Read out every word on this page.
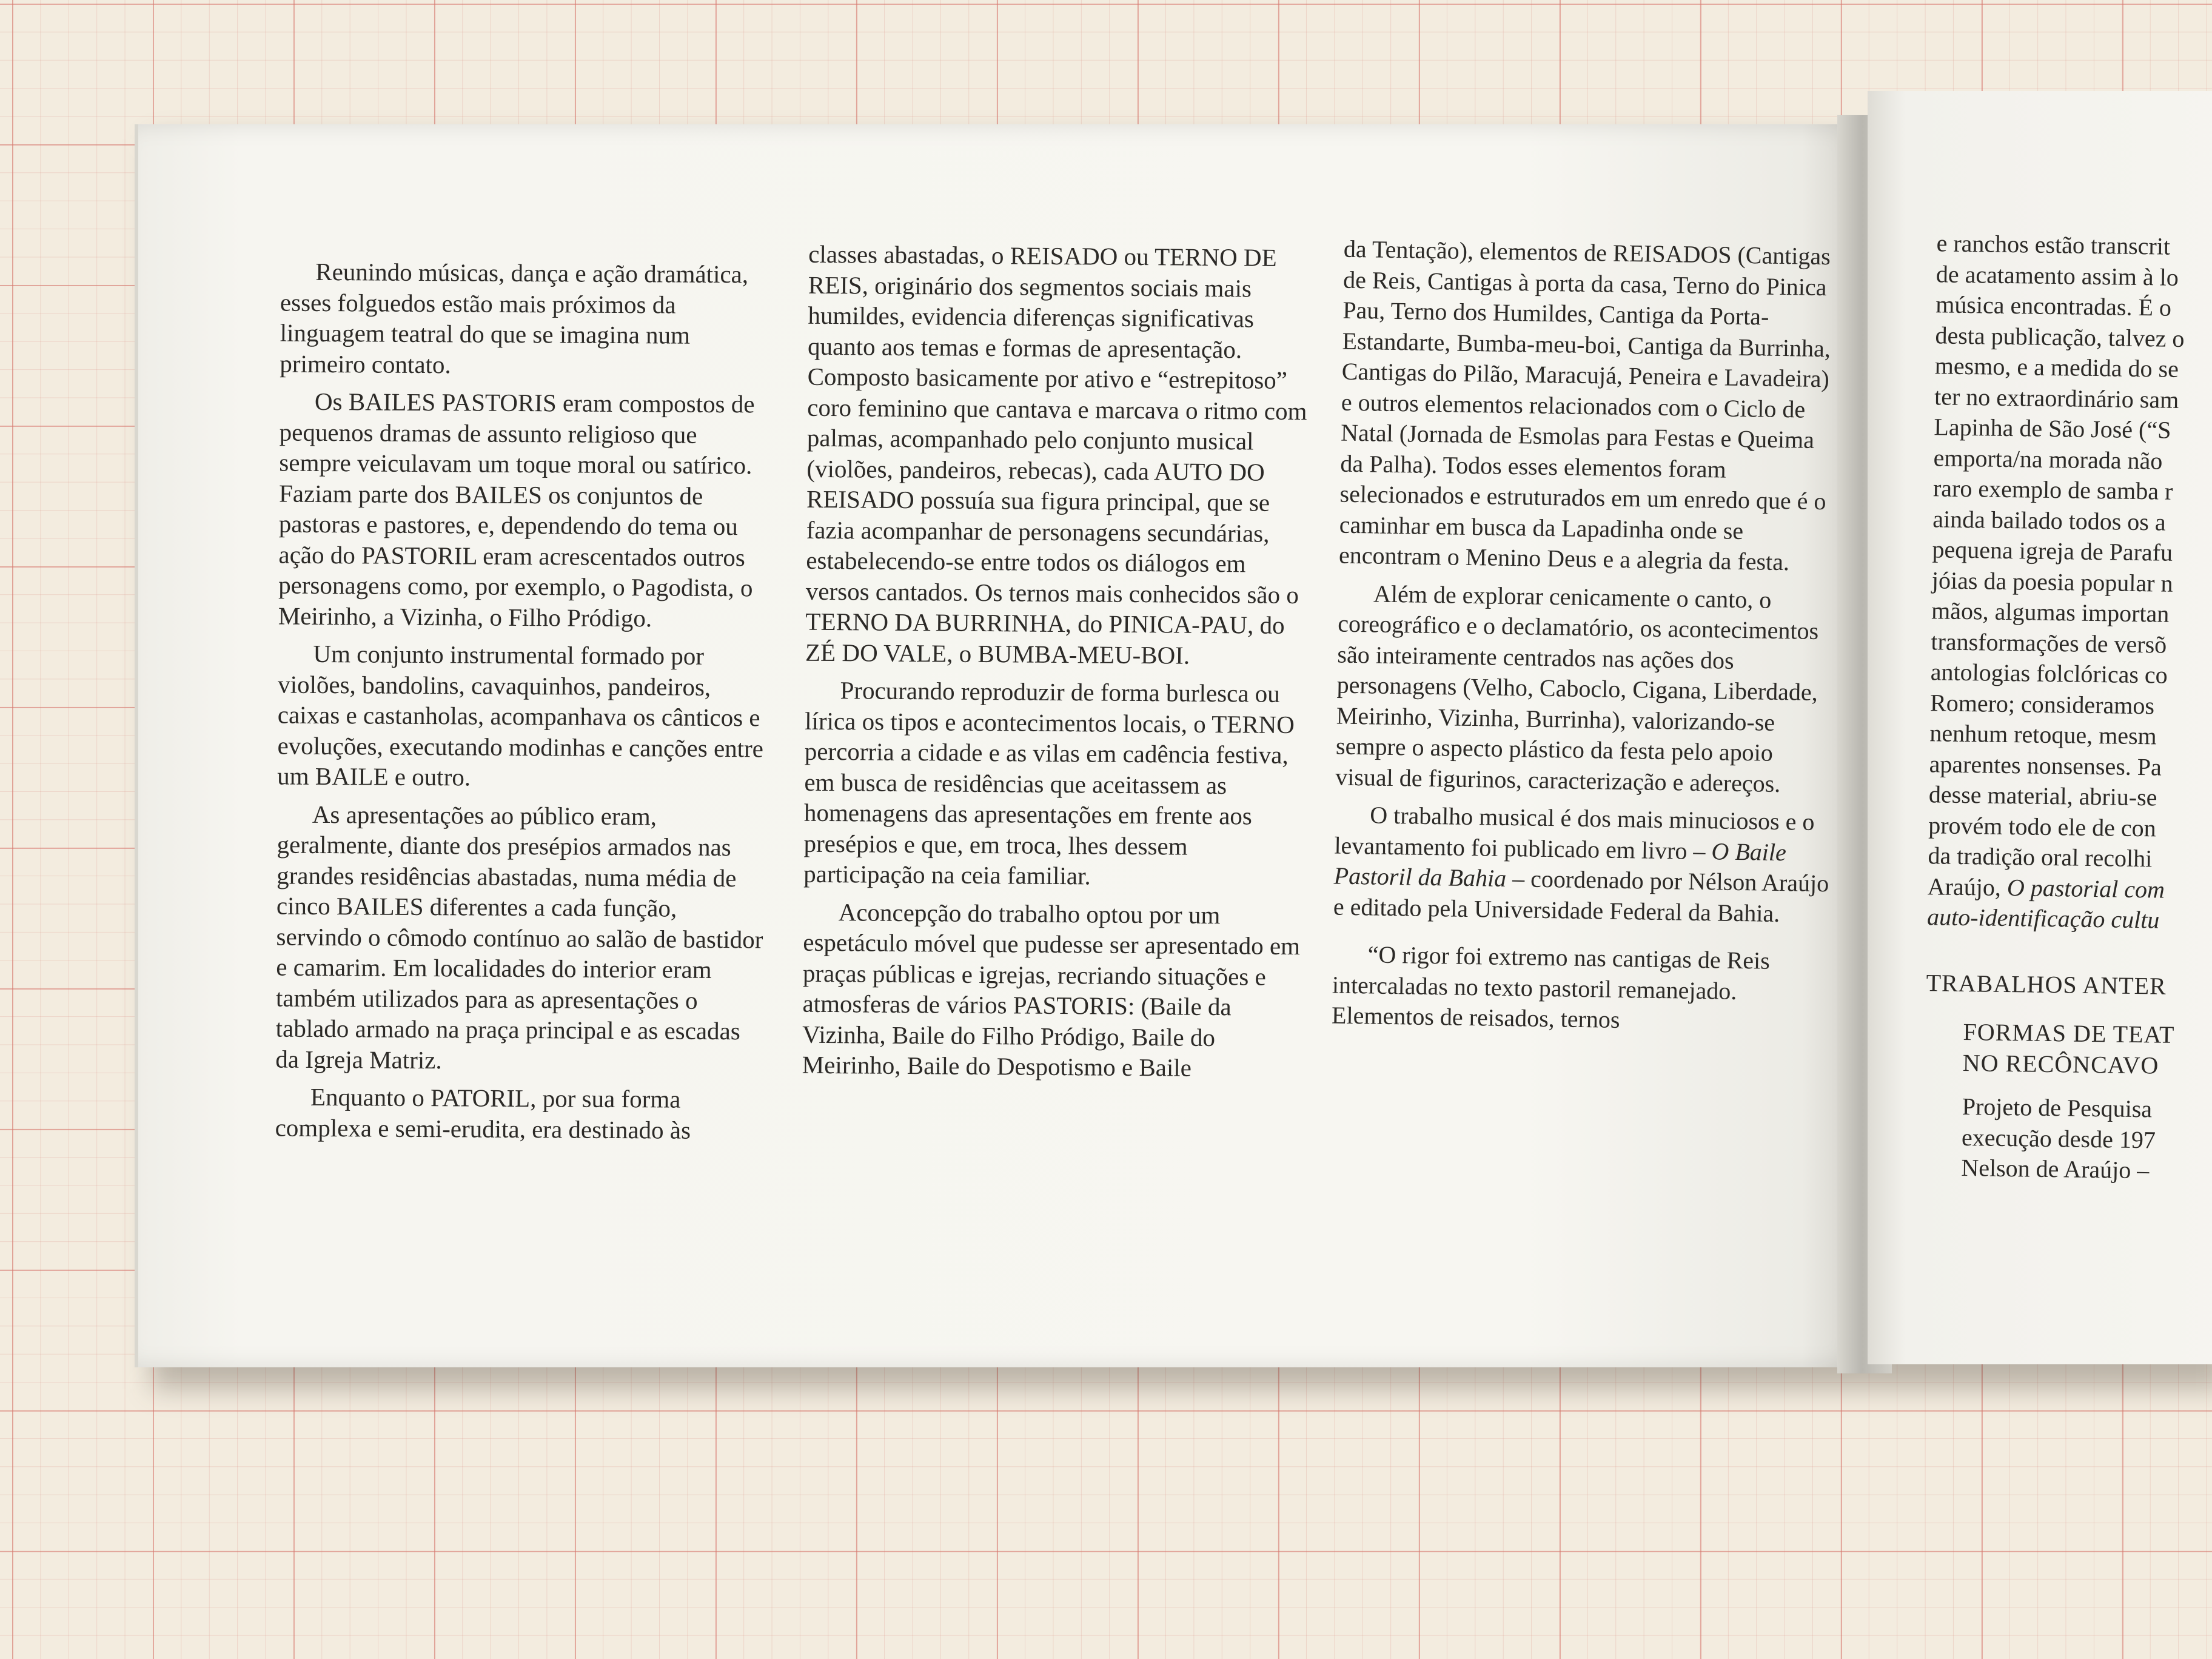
Reunindo músicas, dança e ação dramática, esses folguedos estão mais próximos da linguagem teatral do que se imagina num primeiro contato.

Os BAILES PASTORIS eram compostos de pequenos dramas de assunto religioso que sempre veiculavam um toque moral ou satírico. Faziam parte dos BAILES os conjuntos de pastoras e pastores, e, dependendo do tema ou ação do PASTORIL eram acrescentados outros personagens como, por exemplo, o Pagodista, o Meirinho, a Vizinha, o Filho Pródigo.

Um conjunto instrumental formado por violões, bandolins, cavaquinhos, pandeiros, caixas e castanholas, acompanhava os cânticos e evoluções, executando modinhas e canções entre um BAILE e outro.

As apresentações ao público eram, geralmente, diante dos presépios armados nas grandes residências abastadas, numa média de cinco BAILES diferentes a cada função, servindo o cômodo contínuo ao salão de bastidor e camarim. Em localidades do interior eram também utilizados para as apresentações o tablado armado na praça principal e as escadas da Igreja Matriz.

Enquanto o PATORIL, por sua forma complexa e semi-erudita, era destinado às

classes abastadas, o REISADO ou TERNO DE REIS, originário dos segmentos sociais mais humildes, evidencia diferenças significativas quanto aos temas e formas de apresentação. Composto basicamente por ativo e “estrepitoso” coro feminino que cantava e marcava o ritmo com palmas, acompanhado pelo conjunto musical (violões, pandeiros, rebecas), cada AUTO DO REISADO possuía sua figura principal, que se fazia acompanhar de personagens secundárias, estabelecendo-se entre todos os diálogos em versos cantados. Os ternos mais conhecidos são o TERNO DA BURRINHA, do PINICA-PAU, do ZÉ DO VALE, o BUMBA-MEU-BOI.

Procurando reproduzir de forma burlesca ou lírica os tipos e acontecimentos locais, o TERNO percorria a cidade e as vilas em cadência festiva, em busca de residências que aceitassem as homenagens das apresentações em frente aos presépios e que, em troca, lhes dessem participação na ceia familiar.

Aconcepção do trabalho optou por um espetáculo móvel que pudesse ser apresentado em praças públicas e igrejas, recriando situações e atmosferas de vários PASTORIS: (Baile da Vizinha, Baile do Filho Pródigo, Baile do Meirinho, Baile do Despotismo e Baile

da Tentação), elementos de REISADOS (Cantigas de Reis, Cantigas à porta da casa, Terno do Pinica Pau, Terno dos Humildes, Cantiga da Porta-Estandarte, Bumba-meu-boi, Cantiga da Burrinha, Cantigas do Pilão, Maracujá, Peneira e Lavadeira) e outros elementos relacionados com o Ciclo de Natal (Jornada de Esmolas para Festas e Queima da Palha). Todos esses elementos foram selecionados e estruturados em um enredo que é o caminhar em busca da Lapadinha onde se encontram o Menino Deus e a alegria da festa.

Além de explorar cenicamente o canto, o coreográfico e o declamatório, os acontecimentos são inteiramente centrados nas ações dos personagens (Velho, Caboclo, Cigana, Liberdade, Meirinho, Vizinha, Burrinha), valorizando-se sempre o aspecto plástico da festa pelo apoio visual de figurinos, caracterização e adereços.

O trabalho musical é dos mais minuciosos e o levantamento foi publicado em livro – O Baile Pastoril da Bahia – coordenado por Nélson Araújo e editado pela Universidade Federal da Bahia.

“O rigor foi extremo nas cantigas de Reis intercaladas no texto pastoril remanejado. Elementos de reisados, ternos

e ranchos estão transcrit
de acatamento assim à lo
música encontradas. É o
desta publicação, talvez o
mesmo, e a medida do se
ter no extraordinário sam
Lapinha de São José (“S
emporta/na morada não
raro exemplo de samba r
ainda bailado todos os a
pequena igreja de Parafu
jóias da poesia popular n
mãos, algumas importan
transformações de versõ
antologias folclóricas co
Romero; consideramos
nenhum retoque, mesm
aparentes nonsenses. Pa
desse material, abriu-se
provém todo ele de con
da tradição oral recolhi
Araújo, O pastorial com
auto-identificação cultu
TRABALHOS ANTER
FORMAS DE TEAT
NO RECÔNCAVO
Projeto de Pesquisa
execução desde 197
Nelson de Araújo –
